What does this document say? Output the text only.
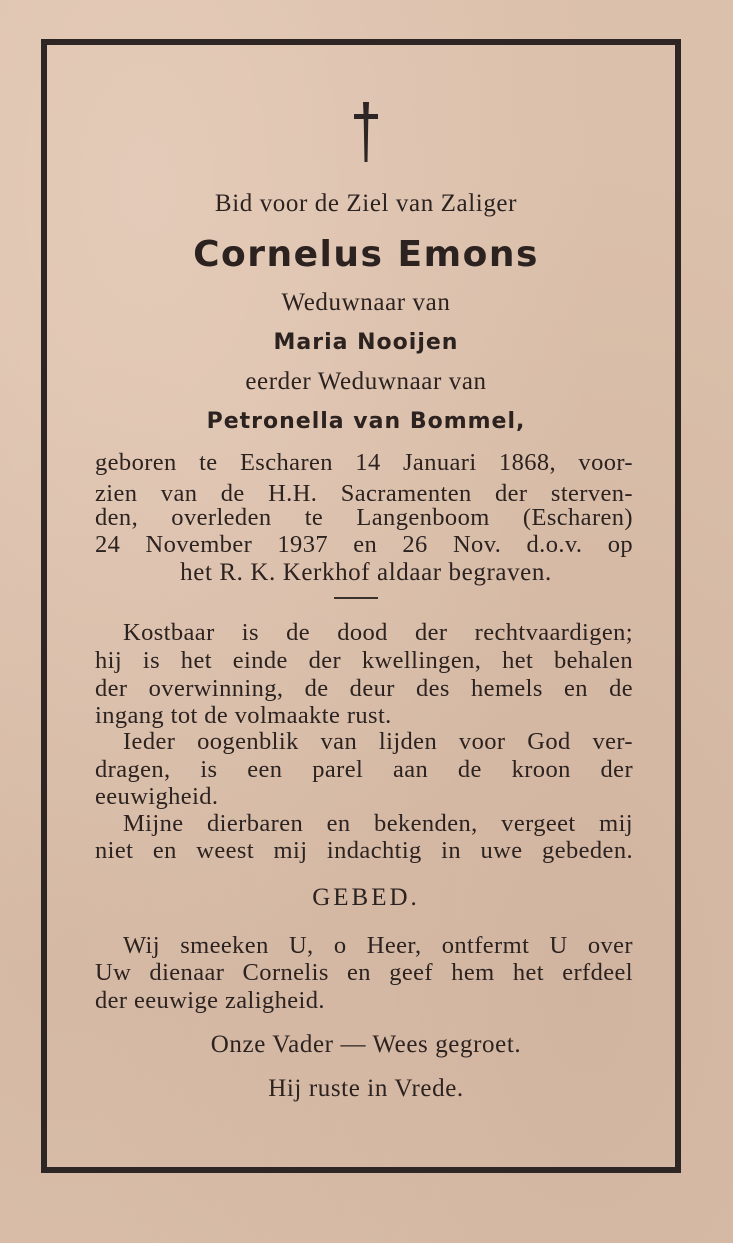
Bid voor de Ziel van Zaliger
Cornelus Emons
Weduwnaar van
Maria Nooijen
eerder Weduwnaar van
Petronella van Bommel,
geboren te Escharen 14 Januari 1868, voor-
zien van de H.H. Sacramenten der sterven-
den, overleden te Langenboom (Escharen)
24 November 1937 en 26 Nov. d.o.v. op
het R. K. Kerkhof aldaar begraven.
Kostbaar is de dood der rechtvaardigen;
hij is het einde der kwellingen, het behalen
der overwinning, de deur des hemels en de
ingang tot de volmaakte rust.
Ieder oogenblik van lijden voor God ver-
dragen, is een parel aan de kroon der
eeuwigheid.
Mijne dierbaren en bekenden, vergeet mij
niet en weest mij indachtig in uwe gebeden.
GEBED.
Wij smeeken U, o Heer, ontfermt U over
Uw dienaar Cornelis en geef hem het erfdeel
der eeuwige zaligheid.
Onze Vader — Wees gegroet.
Hij ruste in Vrede.
